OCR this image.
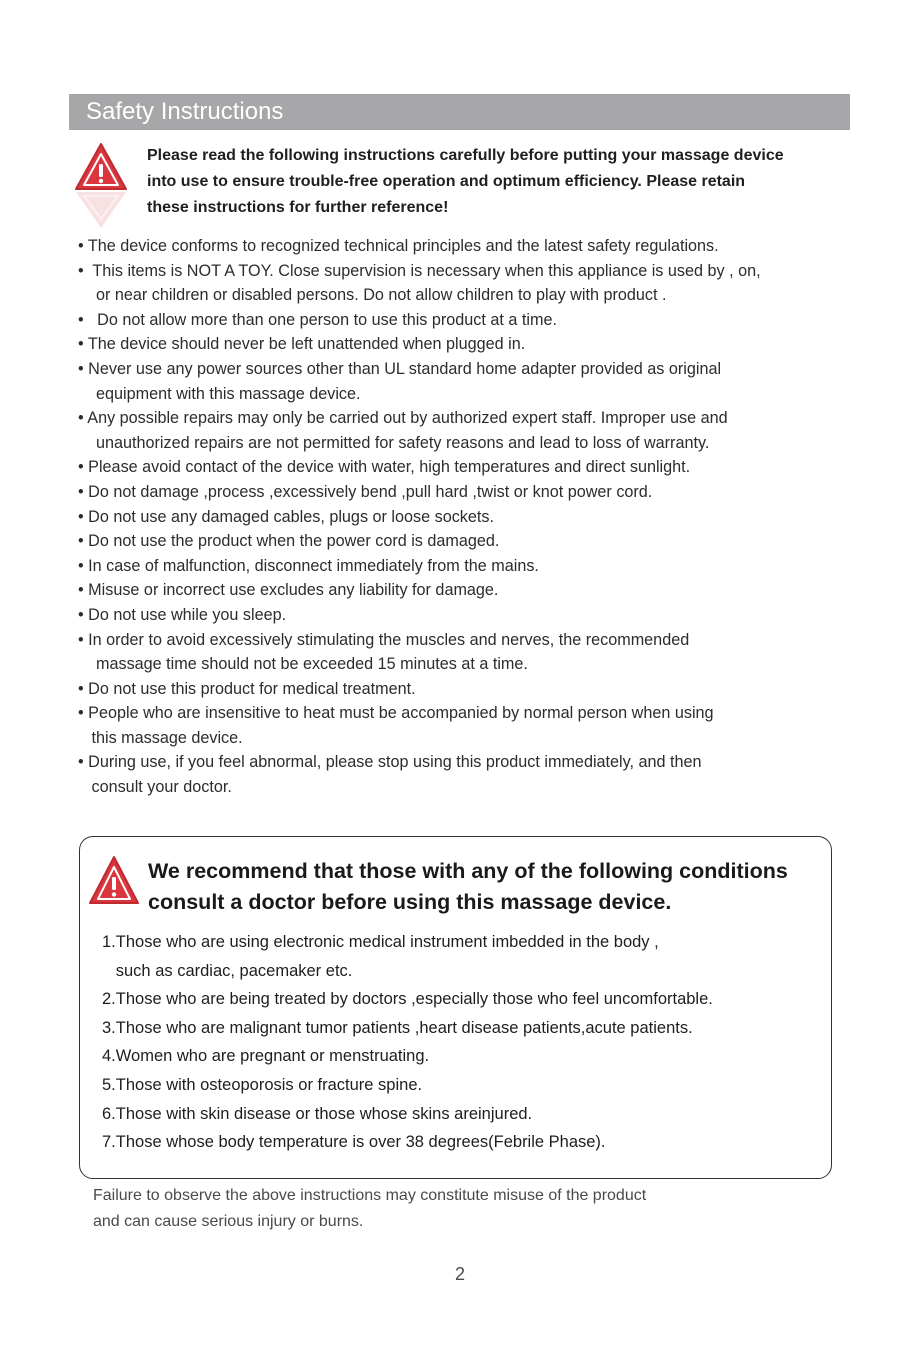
Safety Instructions
Please read the following instructions carefully before putting your massage device
into use to ensure trouble-free operation and optimum efficiency. Please retain
these instructions for further reference!
• The device conforms to recognized technical principles and the latest safety regulations.
•  This items is NOT A TOY. Close supervision is necessary when this appliance is used by , on,
or near children or disabled persons. Do not allow children to play with product .
•   Do not allow more than one person to use this product at a time.
• The device should never be left unattended when plugged in.
• Never use any power sources other than UL standard home adapter provided as original
equipment with this massage device.
• Any possible repairs may only be carried out by authorized expert staff. Improper use and
unauthorized repairs are not permitted for safety reasons and lead to loss of warranty.
• Please avoid contact of the device with water, high temperatures and direct sunlight.
• Do not damage ,process ,excessively bend ,pull hard ,twist or knot power cord.
• Do not use any damaged cables, plugs or loose sockets.
• Do not use the product when the power cord is damaged.
• In case of malfunction, disconnect immediately from the mains.
• Misuse or incorrect use excludes any liability for damage.
• Do not use while you sleep.
• In order to avoid excessively stimulating the muscles and nerves, the recommended
massage time should not be exceeded 15 minutes at a time.
• Do not use this product for medical treatment.
• People who are insensitive to heat must be accompanied by normal person when using
this massage device.
• During use, if you feel abnormal, please stop using this product immediately, and then
consult your doctor.
We recommend that those with any of the following conditions
consult a doctor before using this massage device.
1.Those who are using electronic medical instrument imbedded in the body ,
such as cardiac, pacemaker etc.
2.Those who are being treated by doctors ,especially those who feel uncomfortable.
3.Those who are malignant tumor patients ,heart disease patients,acute patients.
4.Women who are pregnant or menstruating.
5.Those with osteoporosis or fracture spine.
6.Those with skin disease or those whose skins areinjured.
7.Those whose body temperature is over 38 degrees(Febrile Phase).
Failure to observe the above instructions may constitute misuse of the product
and can cause serious injury or burns.
2
